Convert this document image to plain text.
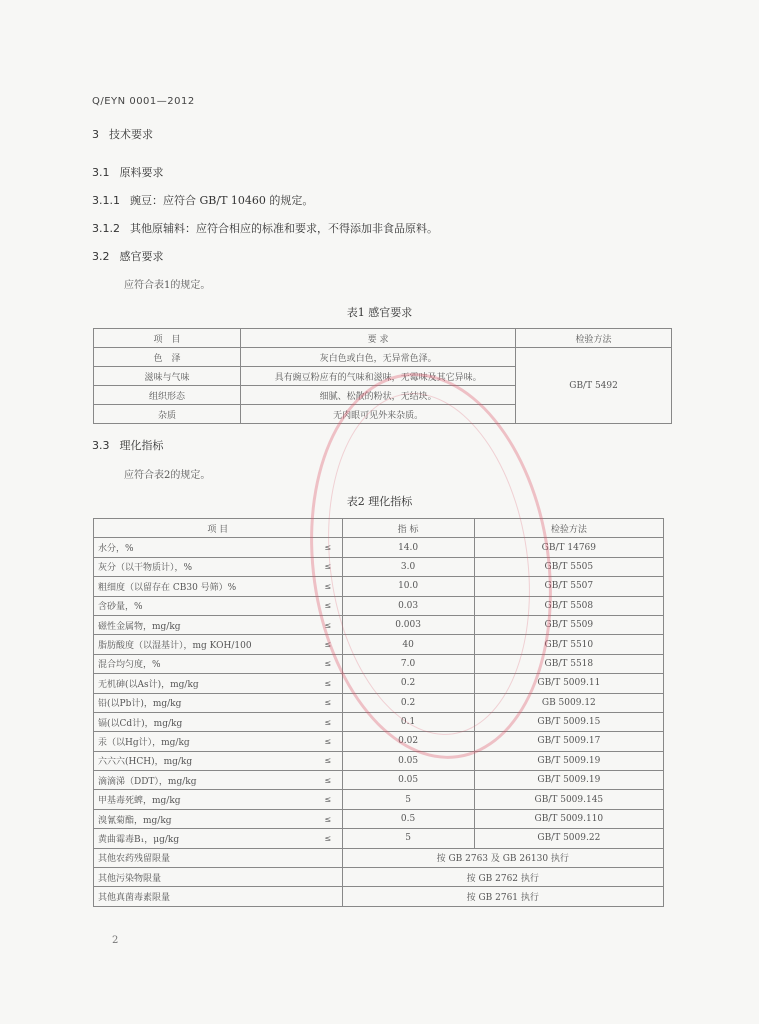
Q/EYN 0001—2012
3 技术要求
3.1 原料要求
3.1.1 豌豆：应符合 GB/T 10460 的规定。
3.1.2 其他原辅料：应符合相应的标准和要求，不得添加非食品原料。
3.2 感官要求
应符合表1的规定。
表1 感官要求
项　目	要 求	检验方法
色　泽	灰白色或白色，无异常色泽。	GB/T 5492
滋味与气味	具有豌豆粉应有的气味和滋味，无霉味及其它异味。	
组织形态	细腻、松散的粉状，无结块。	
杂质	无肉眼可见外来杂质。	
3.3 理化指标
应符合表2的规定。
表2 理化指标
项 目		指 标	检验方法
水分，%	≤	14.0	GB/T 14769
灰分（以干物质计），%	≤	3.0	GB/T 5505
粗细度（以留存在 CB30 号筛）%	≤	10.0	GB/T 5507
含砂量，%	≤	0.03	GB/T 5508
磁性金属物，mg/kg	≤	0.003	GB/T 5509
脂肪酸度（以湿基计），mg KOH/100	≤	40	GB/T 5510
混合均匀度，%	≤	7.0	GB/T 5518
无机砷(以As计)，mg/kg	≤	0.2	GB/T 5009.11
铅(以Pb计)，mg/kg	≤	0.2	GB 5009.12
镉(以Cd计)，mg/kg	≤	0.1	GB/T 5009.15
汞（以Hg计），mg/kg	≤	0.02	GB/T 5009.17
六六六(HCH)，mg/kg	≤	0.05	GB/T 5009.19
滴滴涕（DDT），mg/kg	≤	0.05	GB/T 5009.19
甲基毒死蜱，mg/kg	≤	5	GB/T 5009.145
溴氰菊酯，mg/kg	≤	0.5	GB/T 5009.110
黄曲霉毒B₁，μg/kg	≤	5	GB/T 5009.22
其他农药残留限量		按 GB 2763 及 GB 26130 执行	
其他污染物限量		按 GB 2762 执行	
其他真菌毒素限量		按 GB 2761 执行	
2
